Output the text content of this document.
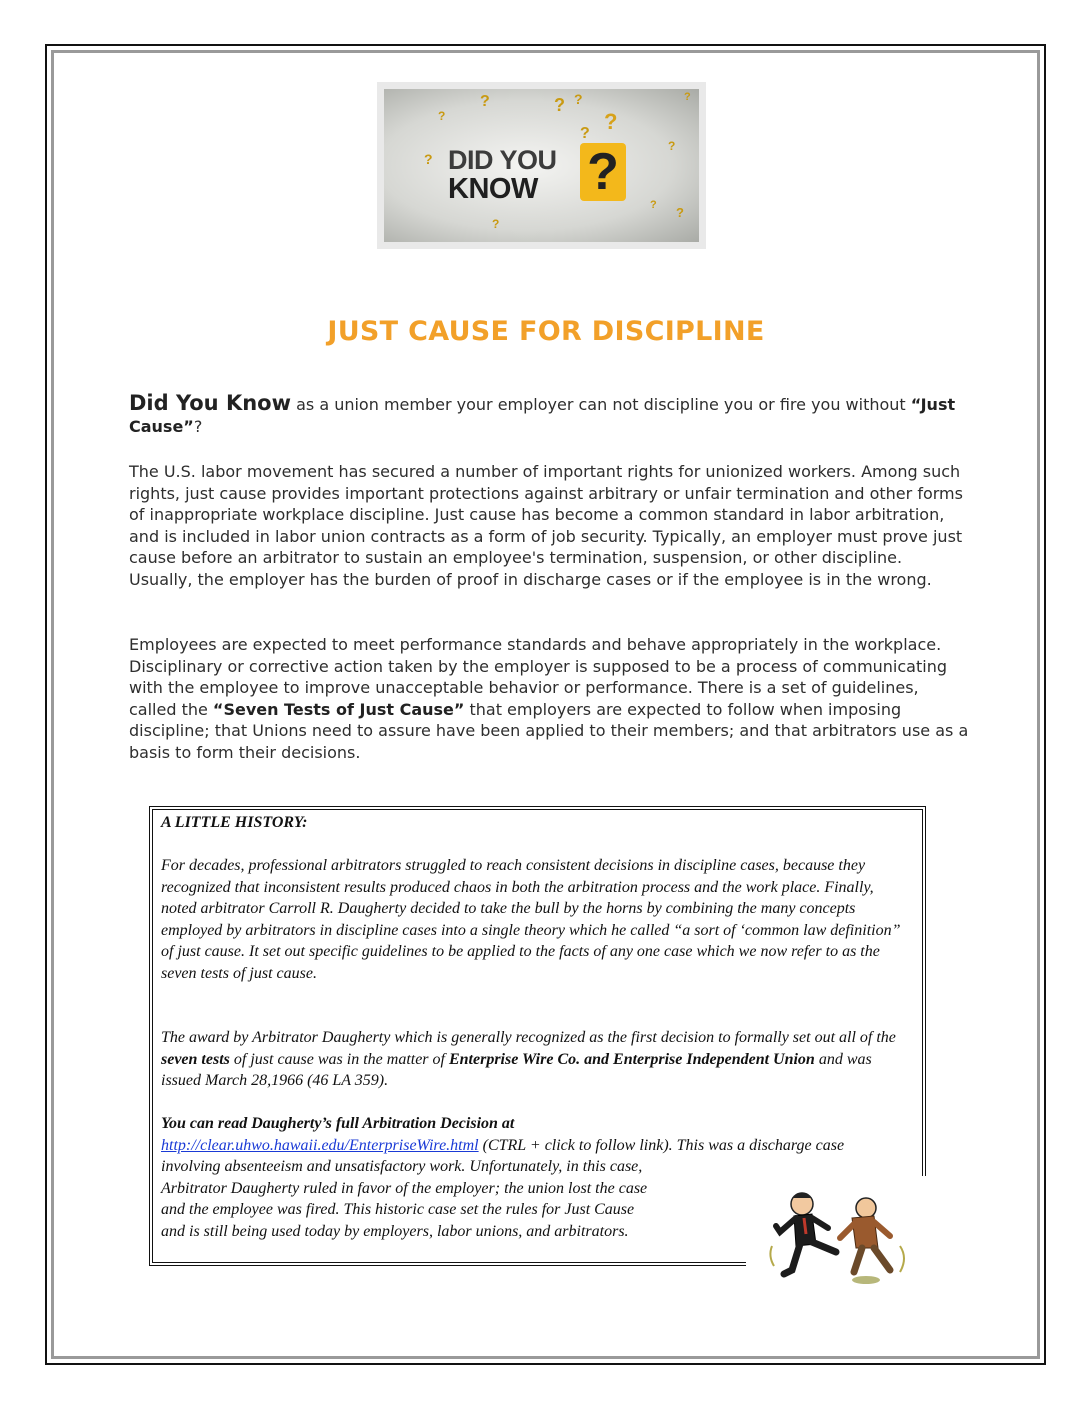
?	? ?
?
?
?
?
?
?
?
?
?
DID YOU
KNOW ?
JUST CAUSE FOR DISCIPLINE

Did You Know as a union member your employer can not discipline you or fire you without “Just Cause”?

The U.S. labor movement has secured a number of important rights for unionized workers. Among such rights, just cause provides important protections against arbitrary or unfair termination and other forms of inappropriate workplace discipline. Just cause has become a common standard in labor arbitration, and is included in labor union contracts as a form of job security. Typically, an employer must prove just cause before an arbitrator to sustain an employee's termination, suspension, or other discipline. Usually, the employer has the burden of proof in discharge cases or if the employee is in the wrong.

Employees are expected to meet performance standards and behave appropriately in the workplace. Disciplinary or corrective action taken by the employer is supposed to be a process of communicating with the employee to improve unacceptable behavior or performance. There is a set of guidelines, called the “Seven Tests of Just Cause” that employers are expected to follow when imposing discipline; that Unions need to assure have been applied to their members; and that arbitrators use as a basis to form their decisions.

A LITTLE HISTORY:

For decades, professional arbitrators struggled to reach consistent decisions in discipline cases, because they recognized that inconsistent results produced chaos in both the arbitration process and the work place. Finally, noted arbitrator Carroll R. Daugherty decided to take the bull by the horns by combining the many concepts employed by arbitrators in discipline cases into a single theory which he called “a sort of ‘common law definition” of just cause. It set out specific guidelines to be applied to the facts of any one case which we now refer to as the seven tests of just cause.

The award by Arbitrator Daugherty which is generally recognized as the first decision to formally set out all of the seven tests of just cause was in the matter of Enterprise Wire Co. and Enterprise Independent Union and was issued March 28,1966 (46 LA 359).

You can read Daugherty’s full Arbitration Decision at
http://clear.uhwo.hawaii.edu/EnterpriseWire.html (CTRL + click to follow link). This was a discharge case involving absenteeism and unsatisfactory work. Unfortunately, in this case,
Arbitrator Daugherty ruled in favor of the employer; the union lost the case
and the employee was fired. This historic case set the rules for Just Cause
and is still being used today by employers, labor unions, and arbitrators.
